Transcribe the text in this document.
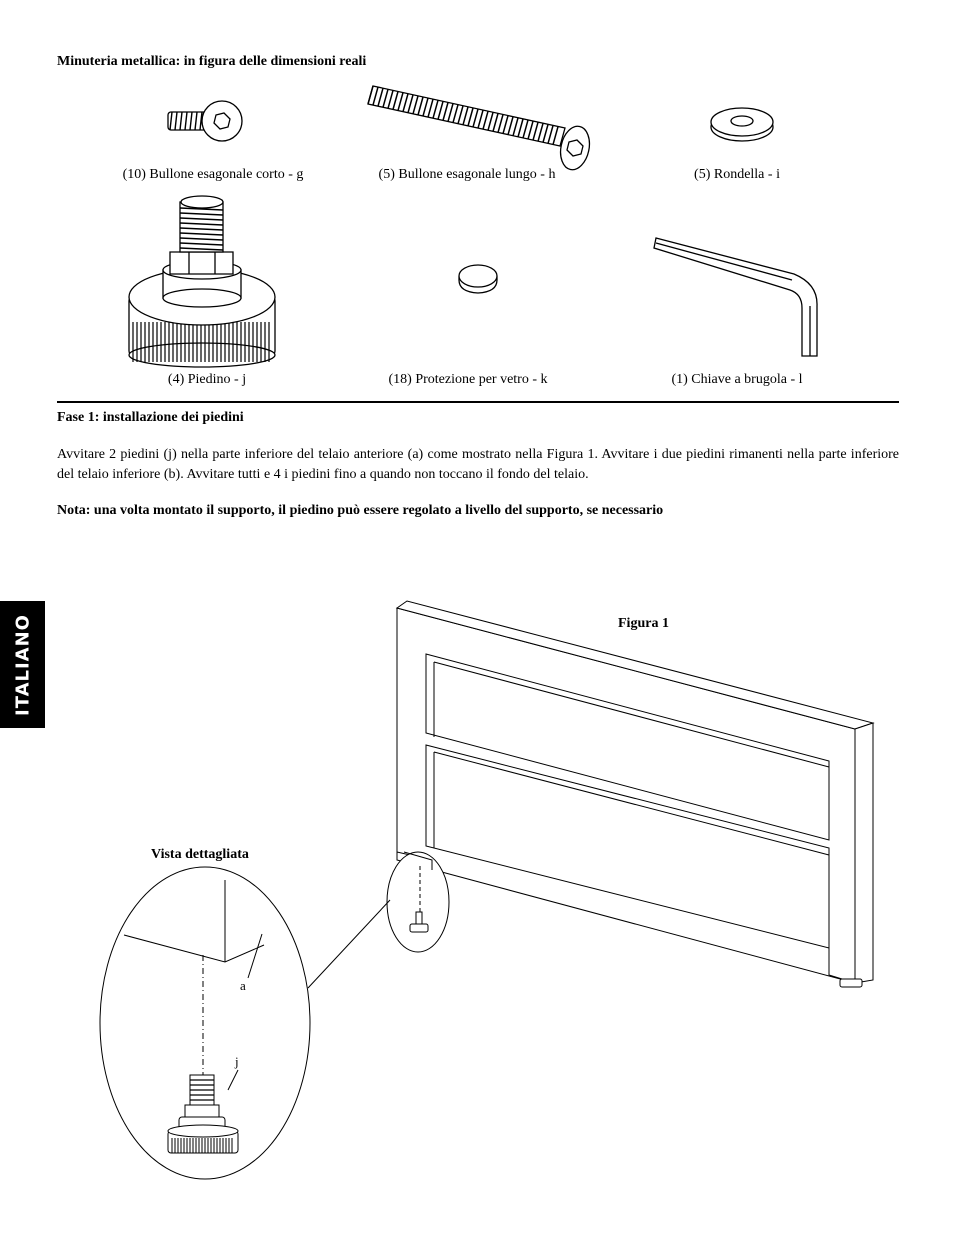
Minuteria metallica: in figura delle dimensioni reali
(10) Bullone esagonale corto - g	(5) Bullone esagonale lungo - h	(5) Rondella - i
(4) Piedino - j	(18) Protezione per vetro - k	(1) Chiave a brugola - l
Fase 1: installazione dei piedini
Avvitare 2 piedini (j) nella parte inferiore del telaio anteriore (a) come mostrato nella Figura 1. Avvitare i due piedini rimanenti nella parte inferiore del telaio inferiore (b). Avvitare tutti e 4 i piedini fino a quando non toccano il fondo del telaio.
Nota: una volta montato il supporto, il piedino può essere regolato a livello del supporto, se necessario
ITALIANO	Figura 1
Vista dettagliata
a
j
